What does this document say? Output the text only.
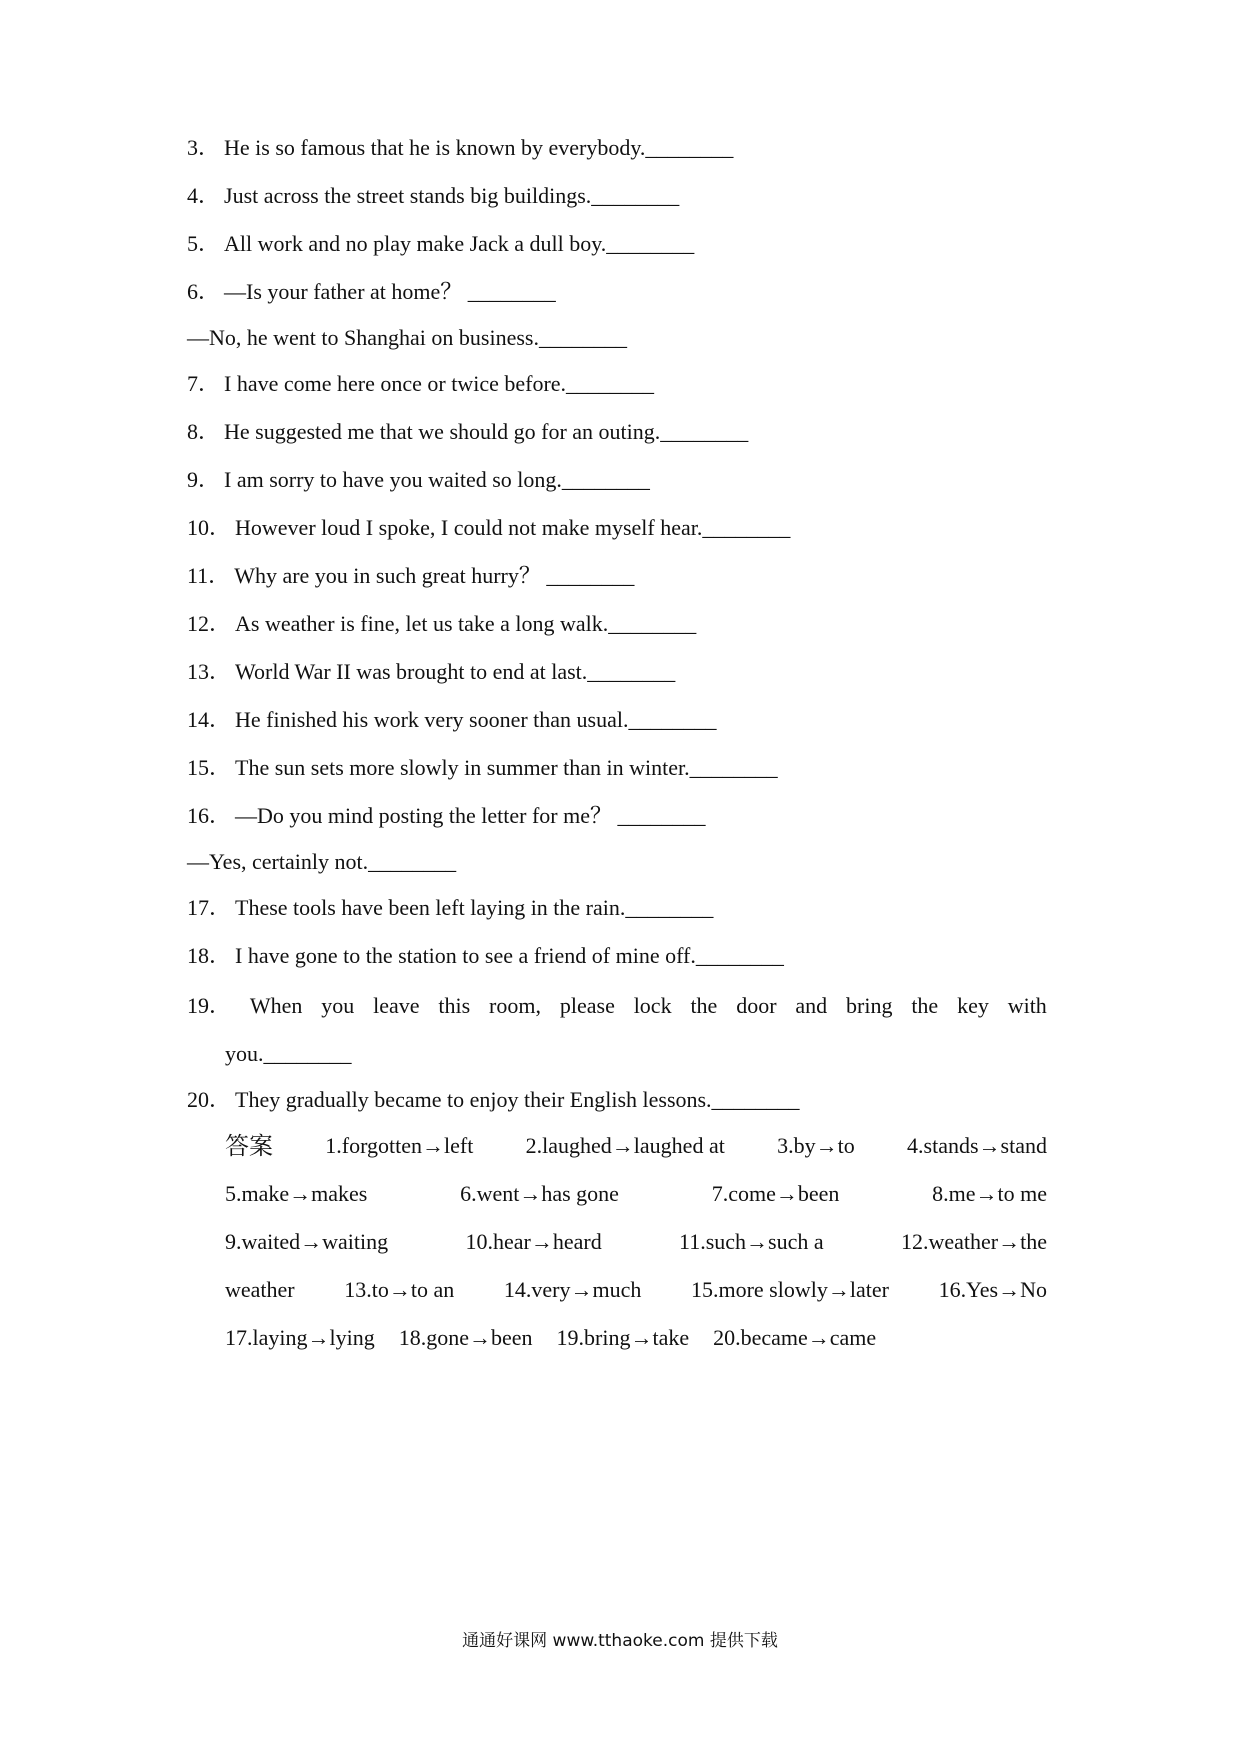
3． He is so famous that he is known by everybody.________
4． Just across the street stands big buildings.________
5． All work and no play make Jack a dull boy.________
6． —Is your father at home？ ________
—No, he went to Shanghai on business.________
7． I have come here once or twice before.________
8． He suggested me that we should go for an outing.________
9． I am sorry to have you waited so long.________
10． However loud I spoke, I could not make myself hear.________
11． Why are you in such great hurry？ ________
12． As weather is fine, let us take a long walk.________
13． World War II was brought to end at last.________
14． He finished his work very sooner than usual.________
15． The sun sets more slowly in summer than in winter.________
16． —Do you mind posting the letter for me？ ________
—Yes, certainly not.________
17． These tools have been left laying in the rain.________
18． I have gone to the station to see a friend of mine off.________
19． When you leave this room, please lock the door and bring the key with
you.________
20． They gradually became to enjoy their English lessons.________
答案 1.forgotten→left 2.laughed→laughed at 3.by→to 4.stands→stand
5.make→makes	6.went→has gone	7.come→been	8.me→to me
9.waited→waiting	10.hear→heard	11.such→such a	12.weather→the
weather 13.to→to an 14.very→much 15.more slowly→later 16.Yes→No
17.laying→lying 18.gone→been 19.bring→take 20.became→came
通通好课网 www.tthaoke.com 提供下载
